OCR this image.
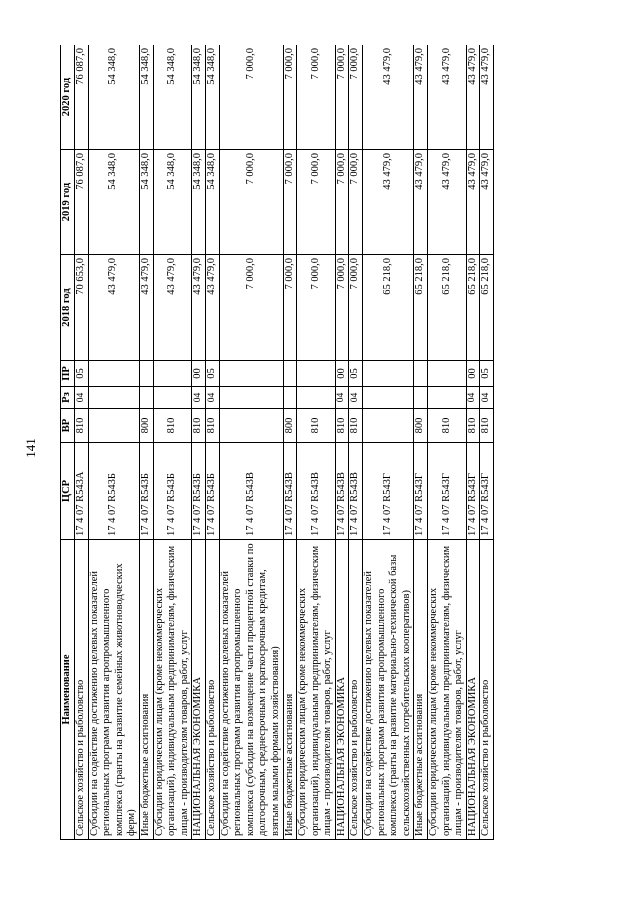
141
Наименование	ЦСР	ВР	Рз	ПР	2018 год	2019 год	2020 год
Сельское хозяйство и рыболовство	17 4 07 R543А	810	04	05	70 653,0	76 087,0	76 087,0
Субсидии на содействие достижению целевых показателей региональных программ развития агропромышленного комплекса (гранты на развитие семейных животноводческих ферм)	17 4 07 R543Б				43 479,0	54 348,0	54 348,0
Иные бюджетные ассигнования	17 4 07 R543Б	800			43 479,0	54 348,0	54 348,0
Субсидии юридическим лицам (кроме некоммерческих организаций), индивидуальным предпринимателям, физическим лицам - производителям товаров, работ, услуг	17 4 07 R543Б	810			43 479,0	54 348,0	54 348,0
НАЦИОНАЛЬНАЯ ЭКОНОМИКА	17 4 07 R543Б	810	04	00	43 479,0	54 348,0	54 348,0
Сельское хозяйство и рыболовство	17 4 07 R543Б	810	04	05	43 479,0	54 348,0	54 348,0
Субсидии на содействие достижению целевых показателей региональных программ развития агропромышленного комплекса (субсидии на возмещение части процентной ставки по долгосрочным, среднесрочным и краткосрочным кредитам, взятым малыми формами хозяйствования)	17 4 07 R543В				7 000,0	7 000,0	7 000,0
Иные бюджетные ассигнования	17 4 07 R543В	800			7 000,0	7 000,0	7 000,0
Субсидии юридическим лицам (кроме некоммерческих организаций), индивидуальным предпринимателям, физическим лицам - производителям товаров, работ, услуг	17 4 07 R543В	810			7 000,0	7 000,0	7 000,0
НАЦИОНАЛЬНАЯ ЭКОНОМИКА	17 4 07 R543В	810	04	00	7 000,0	7 000,0	7 000,0
Сельское хозяйство и рыболовство	17 4 07 R543В	810	04	05	7 000,0	7 000,0	7 000,0
Субсидии на содействие достижению целевых показателей региональных программ развития агропромышленного комплекса (гранты на развитие материально-технической базы сельскохозяйственных потребительских кооперативов)	17 4 07 R543Г				65 218,0	43 479,0	43 479,0
Иные бюджетные ассигнования	17 4 07 R543Г	800			65 218,0	43 479,0	43 479,0
Субсидии юридическим лицам (кроме некоммерческих организаций), индивидуальным предпринимателям, физическим лицам - производителям товаров, работ, услуг	17 4 07 R543Г	810			65 218,0	43 479,0	43 479,0
НАЦИОНАЛЬНАЯ ЭКОНОМИКА	17 4 07 R543Г	810	04	00	65 218,0	43 479,0	43 479,0
Сельское хозяйство и рыболовство	17 4 07 R543Г	810	04	05	65 218,0	43 479,0	43 479,0
